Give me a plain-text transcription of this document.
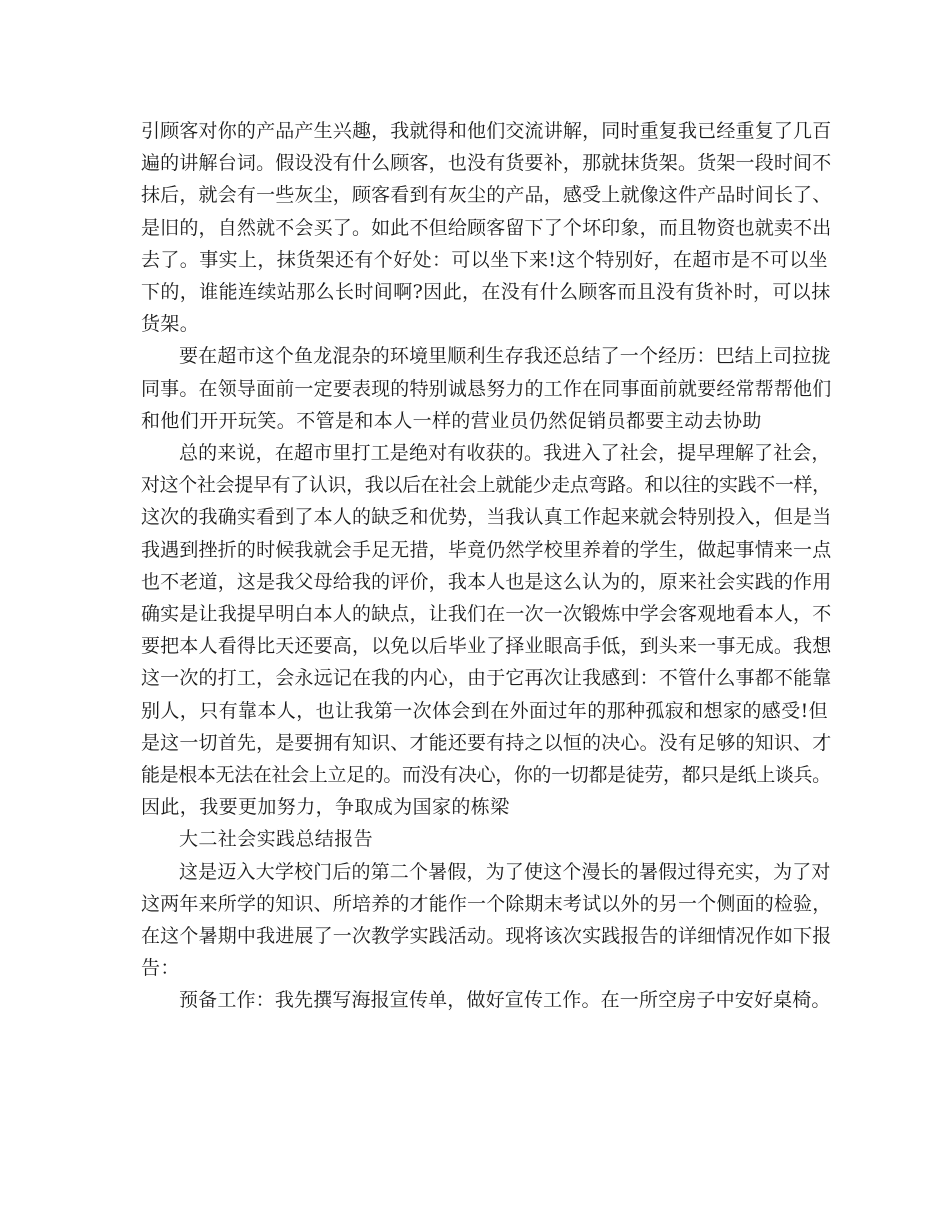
引顾客对你的产品产生兴趣，我就得和他们交流讲解，同时重复我已经重复了几百
遍的讲解台词。假设没有什么顾客，也没有货要补，那就抹货架。货架一段时间不
抹后，就会有一些灰尘，顾客看到有灰尘的产品，感受上就像这件产品时间长了、
是旧的，自然就不会买了。如此不但给顾客留下了个坏印象，而且物资也就卖不出
去了。事实上，抹货架还有个好处：可以坐下来!这个特别好，在超市是不可以坐
下的，谁能连续站那么长时间啊?因此，在没有什么顾客而且没有货补时，可以抹
货架。
要在超市这个鱼龙混杂的环境里顺利生存我还总结了一个经历：巴结上司拉拢
同事。在领导面前一定要表现的特别诚恳努力的工作在同事面前就要经常帮帮他们
和他们开开玩笑。不管是和本人一样的营业员仍然促销员都要主动去协助
总的来说，在超市里打工是绝对有收获的。我进入了社会，提早理解了社会，
对这个社会提早有了认识，我以后在社会上就能少走点弯路。和以往的实践不一样，
这次的我确实看到了本人的缺乏和优势，当我认真工作起来就会特别投入，但是当
我遇到挫折的时候我就会手足无措，毕竟仍然学校里养着的学生，做起事情来一点
也不老道，这是我父母给我的评价，我本人也是这么认为的，原来社会实践的作用
确实是让我提早明白本人的缺点，让我们在一次一次锻炼中学会客观地看本人，不
要把本人看得比天还要高，以免以后毕业了择业眼高手低，到头来一事无成。我想
这一次的打工，会永远记在我的内心，由于它再次让我感到：不管什么事都不能靠
别人，只有靠本人，也让我第一次体会到在外面过年的那种孤寂和想家的感受!但
是这一切首先，是要拥有知识、才能还要有持之以恒的决心。没有足够的知识、才
能是根本无法在社会上立足的。而没有决心，你的一切都是徒劳，都只是纸上谈兵。
因此，我要更加努力，争取成为国家的栋梁
大二社会实践总结报告
这是迈入大学校门后的第二个暑假，为了使这个漫长的暑假过得充实，为了对
这两年来所学的知识、所培养的才能作一个除期末考试以外的另一个侧面的检验，
在这个暑期中我进展了一次教学实践活动。现将该次实践报告的详细情况作如下报
告：
预备工作：我先撰写海报宣传单，做好宣传工作。在一所空房子中安好桌椅。
